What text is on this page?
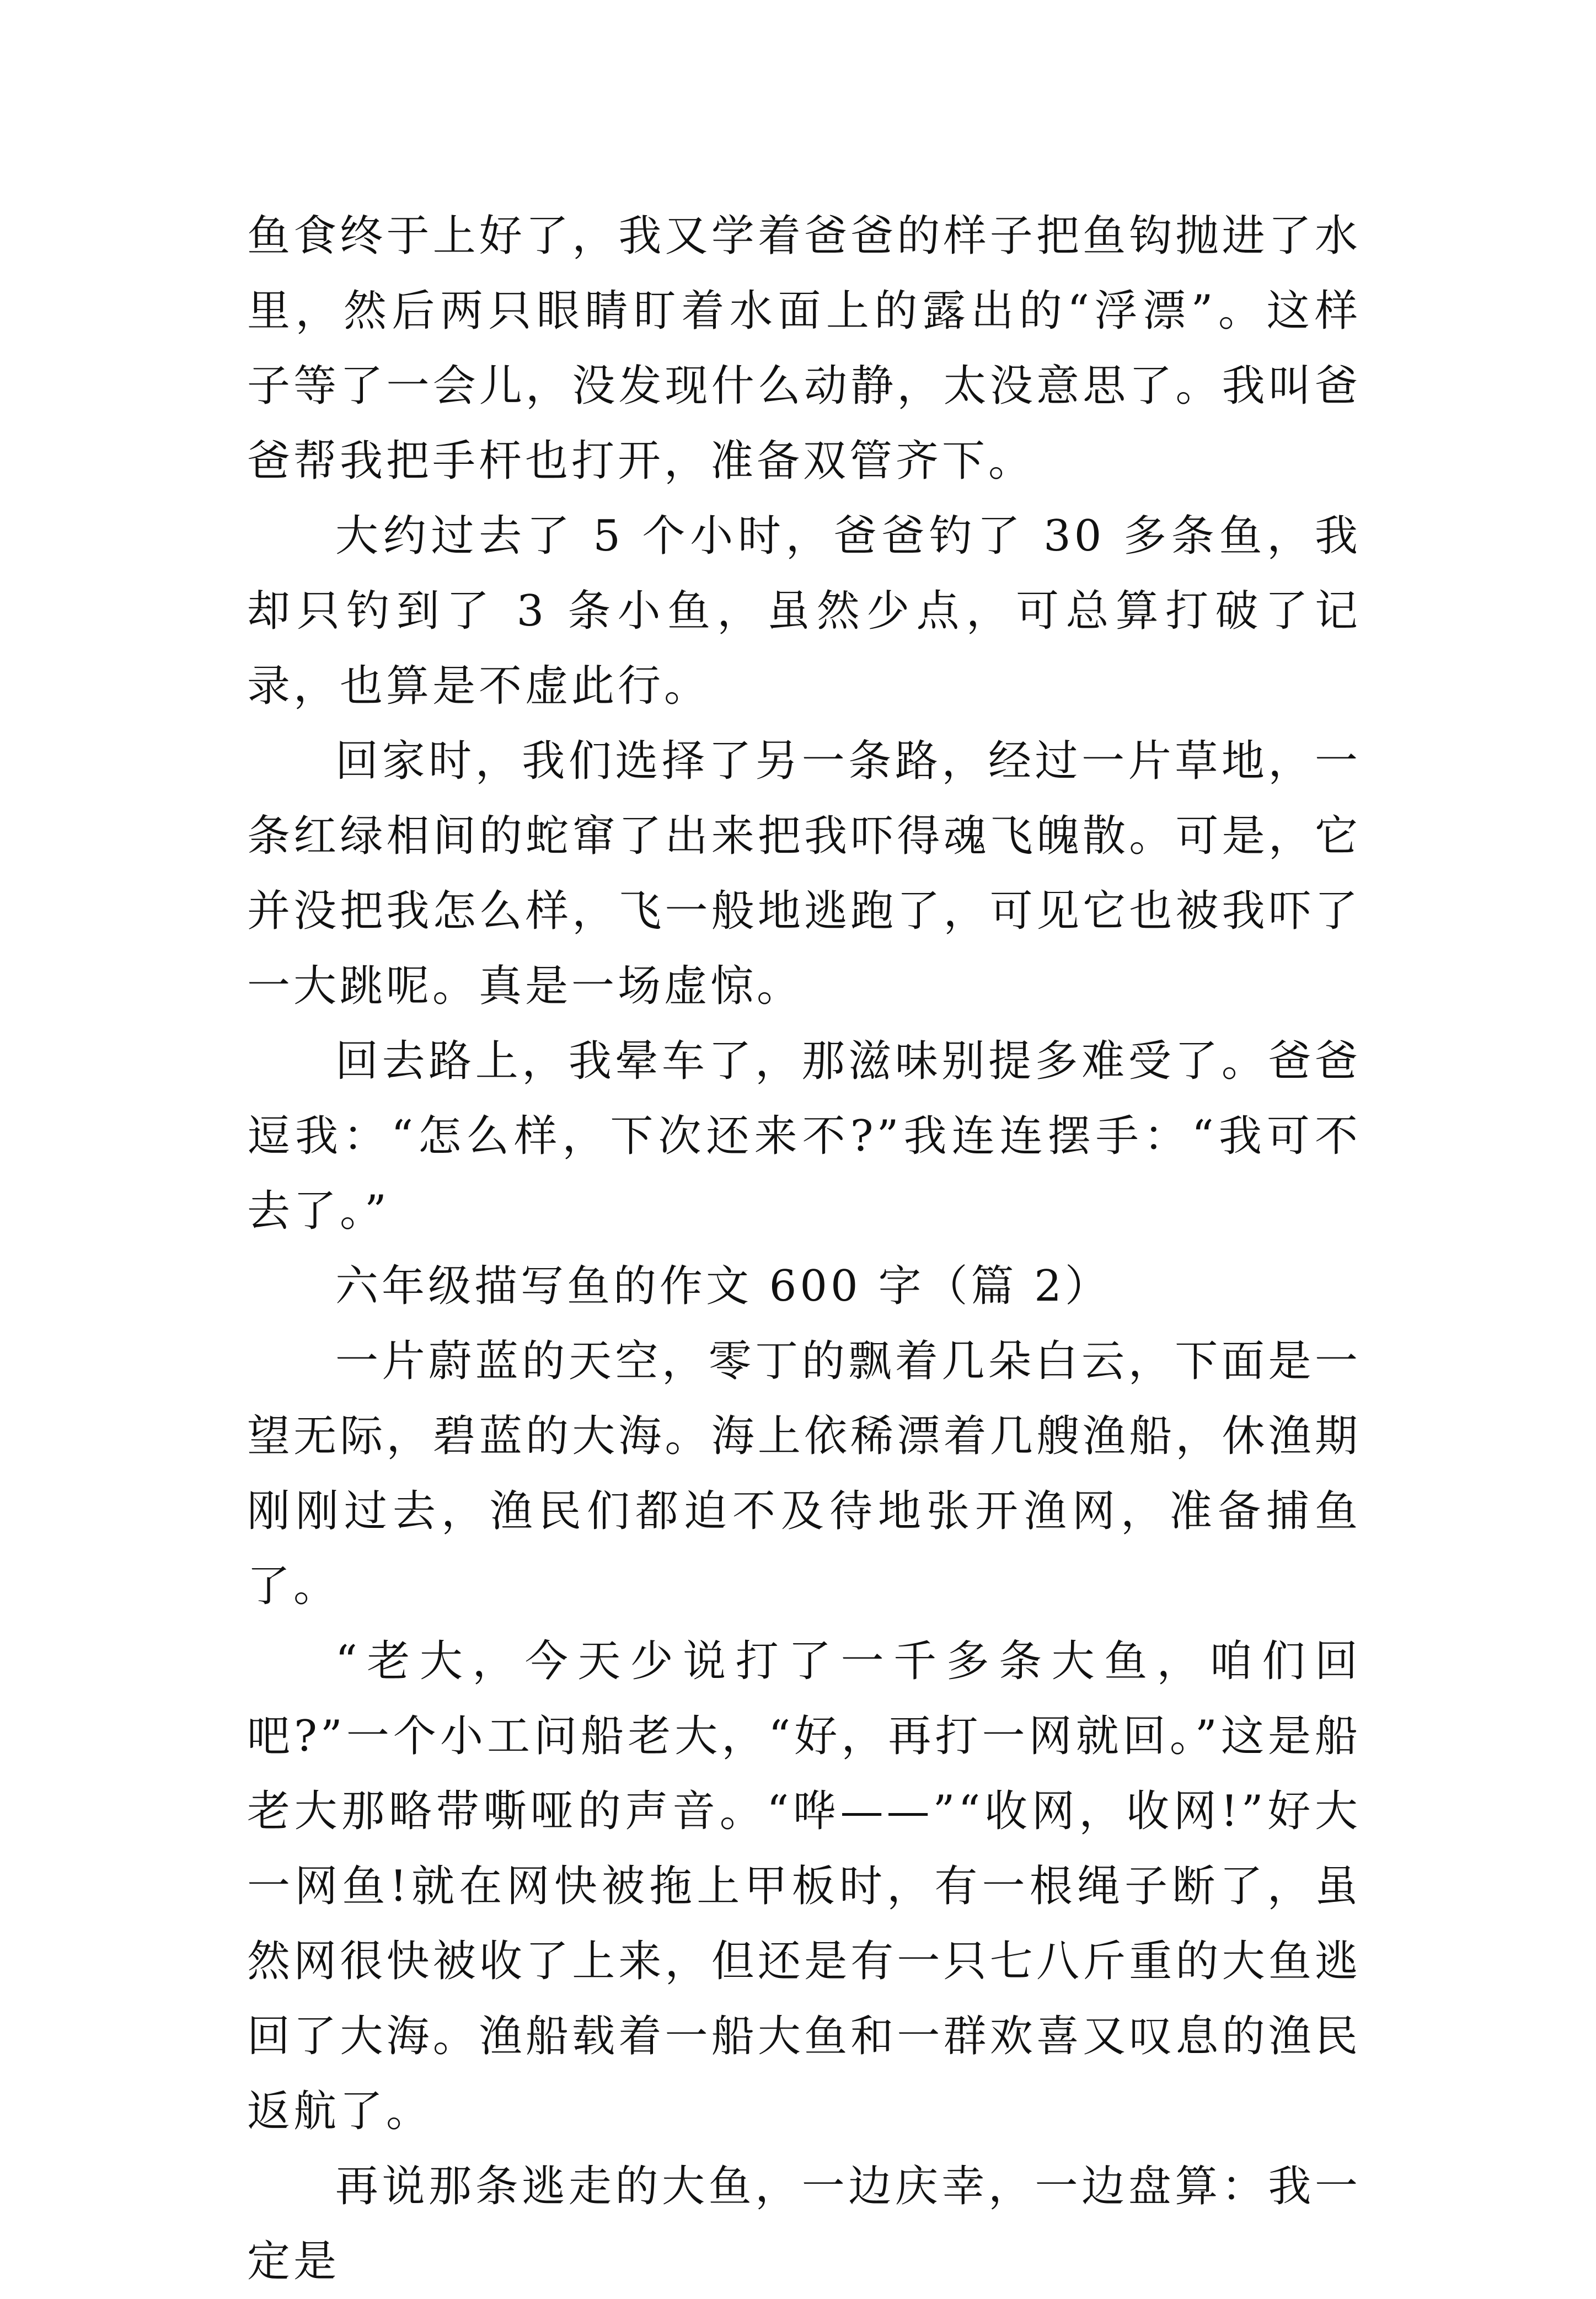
鱼食终于上好了，我又学着爸爸的样子把鱼钩抛进了水里，然后两只眼睛盯着水面上的露出的“浮漂”。这样子等了一会儿，没发现什么动静，太没意思了。我叫爸爸帮我把手杆也打开，准备双管齐下。

大约过去了 5 个小时，爸爸钓了 30 多条鱼，我却只钓到了 3 条小鱼，虽然少点，可总算打破了记录，也算是不虚此行。

回家时，我们选择了另一条路，经过一片草地，一条红绿相间的蛇窜了出来把我吓得魂飞魄散。可是，它并没把我怎么样，飞一般地逃跑了，可见它也被我吓了一大跳呢。真是一场虚惊。

回去路上，我晕车了，那滋味别提多难受了。爸爸逗我：“怎么样，下次还来不?”我连连摆手：“我可不去了。”

六年级描写鱼的作文 600 字（篇 2）

一片蔚蓝的天空，零丁的飘着几朵白云，下面是一望无际，碧蓝的大海。海上依稀漂着几艘渔船，休渔期刚刚过去，渔民们都迫不及待地张开渔网，准备捕鱼了。

“老大，今天少说打了一千多条大鱼，咱们回吧?”一个小工问船老大，“好，再打一网就回。”这是船老大那略带嘶哑的声音。“哗——”“收网，收网!”好大一网鱼!就在网快被拖上甲板时，有一根绳子断了，虽然网很快被收了上来，但还是有一只七八斤重的大鱼逃回了大海。渔船载着一船大鱼和一群欢喜又叹息的渔民返航了。

再说那条逃走的大鱼，一边庆幸，一边盘算：我一定是
